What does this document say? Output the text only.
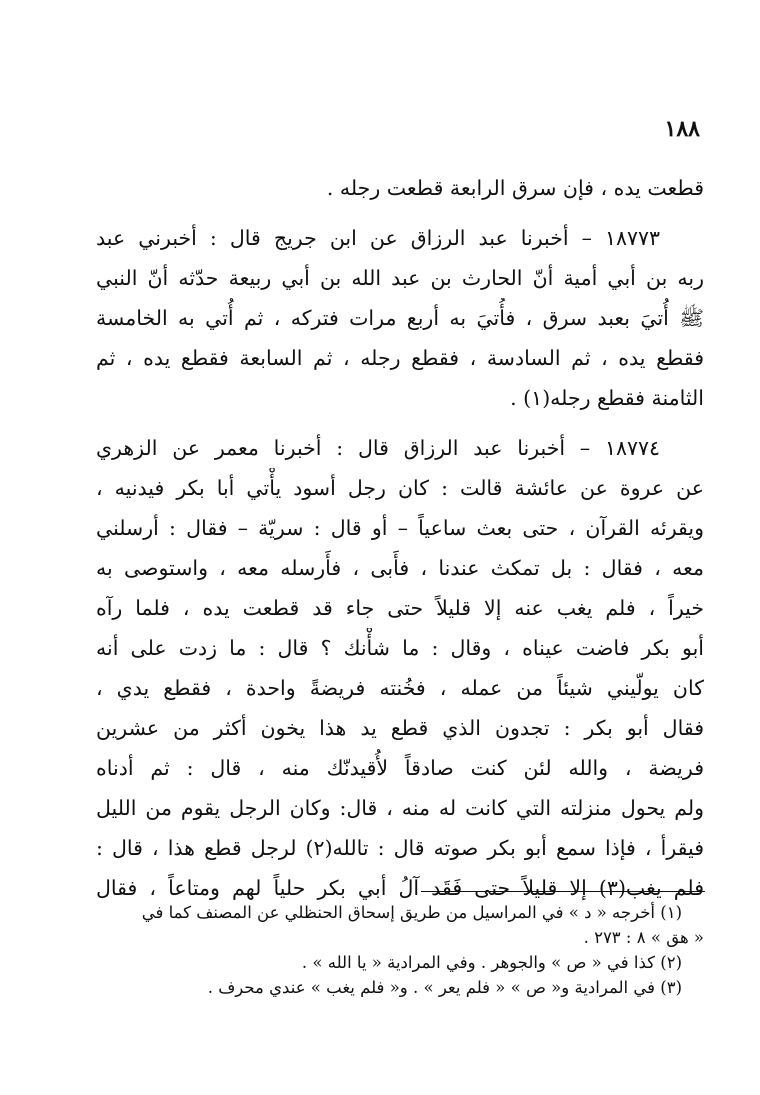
١٨٨

قطعت يده ، فإن سرق الرابعة قطعت رجله .

١٨٧٧٣ – أخبرنا عبد الرزاق عن ابن جريج قال : أخبرني عبد
ربه بن أبي أمية أنّ الحارث بن عبد الله بن أبي ربيعة حدّثه أنّ النبي
ﷺ أُتيَ بعبد سرق ، فأُتيَ به أربع مرات فتركه ، ثم أُتي به الخامسة
فقطع يده ، ثم السادسة ، فقطع رجله ، ثم السابعة فقطع يده ، ثم
الثامنة فقطع رجله(١) .

١٨٧٧٤ – أخبرنا عبد الرزاق قال : أخبرنا معمر عن الزهري
عن عروة عن عائشة قالت : كان رجل أسود يأْتي أبا بكر فيدنيه ،
ويقرئه القرآن ، حتى بعث ساعياً – أو قال : سريّة – فقال : أرسلني
معه ، فقال : بل تمكث عندنا ، فأَبى ، فأَرسله معه ، واستوصى به
خيراً ، فلم يغب عنه إلا قليلاً حتى جاء قد قطعت يده ، فلما رآه
أبو بكر فاضت عيناه ، وقال : ما شأْنك ؟ قال : ما زدت على أنه
كان يولّيني شيئاً من عمله ، فخُنته فريضةً واحدة ، فقطع يدي ،
فقال أبو بكر : تجدون الذي قطع يد هذا يخون أكثر من عشرين
فريضة ، والله لئن كنت صادقاً لأُقيدنّك منه ، قال : ثم أدناه
ولم يحول منزلته التي كانت له منه ، قال: وكان الرجل يقوم من الليل
فيقرأ ، فإذا سمع أبو بكر صوته قال : تالله(٢) لرجل قطع هذا ، قال :
فلم يغب(٣) إلا قليلاً حتى فَقَد آلُ أبي بكر حلياً لهم ومتاعاً ، فقال

(١) أخرجه « د » في المراسيل من طريق إسحاق الحنظلي عن المصنف كما في
« هق » ٨ : ٢٧٣ .

(٢) كذا في « ص » والجوهر . وفي المرادية « يا الله » .

(٣) في المرادية و« ص » « فلم يعر » . و« فلم يغب » عندي محرف .
